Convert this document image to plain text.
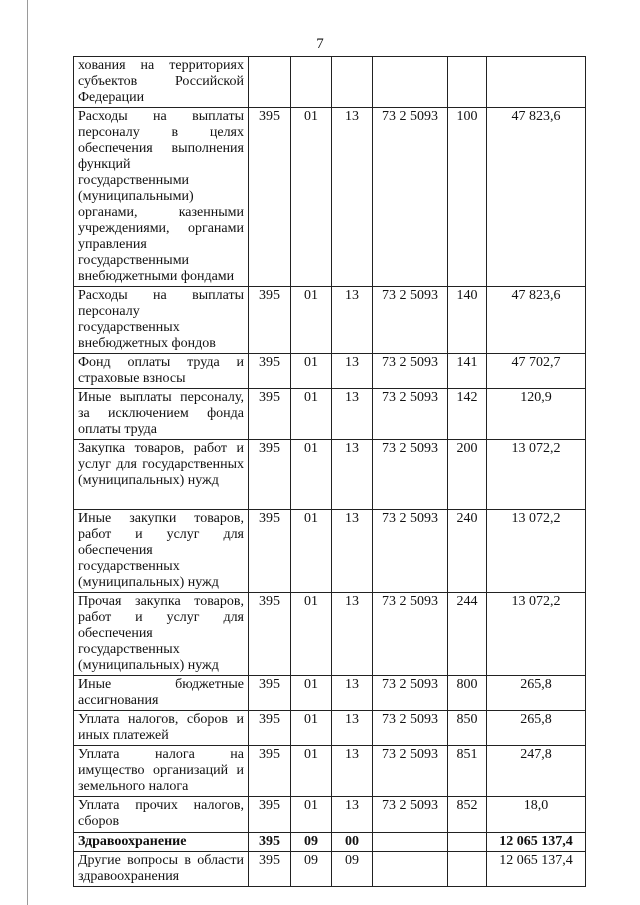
7
хования на территориях субъектов Российской Федерации						
Расходы на выплаты персоналу в целях обеспечения выполнения функций государственными (муниципальными) органами, казенными учреждениями, органами управления государственными внебюджетными фондами	395	01	13	73 2 5093	100	47 823,6
Расходы на выплаты персоналу государственных внебюджетных фондов	395	01	13	73 2 5093	140	47 823,6
Фонд оплаты труда и страховые взносы	395	01	13	73 2 5093	141	47 702,7
Иные выплаты персоналу, за исключением фонда оплаты труда	395	01	13	73 2 5093	142	120,9
Закупка товаров, работ и услуг для государственных (муниципальных) нужд	395	01	13	73 2 5093	200	13 072,2
Иные закупки товаров, работ и услуг для обеспечения государственных (муниципальных) нужд	395	01	13	73 2 5093	240	13 072,2
Прочая закупка товаров, работ и услуг для обеспечения государственных (муниципальных) нужд	395	01	13	73 2 5093	244	13 072,2
Иные бюджетные ассигнования	395	01	13	73 2 5093	800	265,8
Уплата налогов, сборов и иных платежей	395	01	13	73 2 5093	850	265,8
Уплата налога на имущество организаций и земельного налога	395	01	13	73 2 5093	851	247,8
Уплата прочих налогов, сборов	395	01	13	73 2 5093	852	18,0
Здравоохранение	395	09	00			12 065 137,4
Другие вопросы в области здравоохранения	395	09	09			12 065 137,4
